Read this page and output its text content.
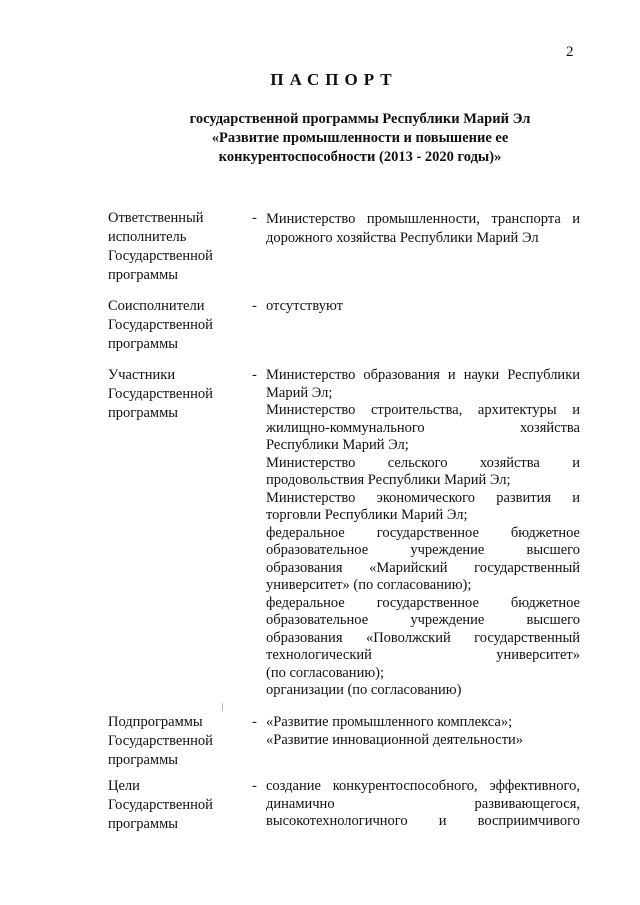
2
ПАСПОРТ
государственной программы Республики Марий Эл
«Развитие промышленности и повышение ее
конкурентоспособности (2013 - 2020 годы)»
Ответственный
исполнитель
Государственной
программы
- Министерство промышленности, транспорта и
дорожного хозяйства Республики Марий Эл
Соисполнители
Государственной
программы
- отсутствуют
Участники
Государственной
программы
- Министерство образования и науки Республики
Марий Эл;
Министерство строительства, архитектуры и
жилищно-коммунального хозяйства
Республики Марий Эл;
Министерство сельского хозяйства и
продовольствия Республики Марий Эл;
Министерство экономического развития и
торговли Республики Марий Эл;
федеральное государственное бюджетное
образовательное учреждение высшего
образования «Марийский государственный
университет» (по согласованию);
федеральное государственное бюджетное
образовательное учреждение высшего
образования «Поволжский государственный
технологический университет»
(по согласованию);
организации (по согласованию)
Подпрограммы
Государственной
программы
- «Развитие промышленного комплекса»;
«Развитие инновационной деятельности»
Цели
Государственной
программы
- создание конкурентоспособного, эффективного,
динамично развивающегося,
высокотехнологичного и восприимчивого
